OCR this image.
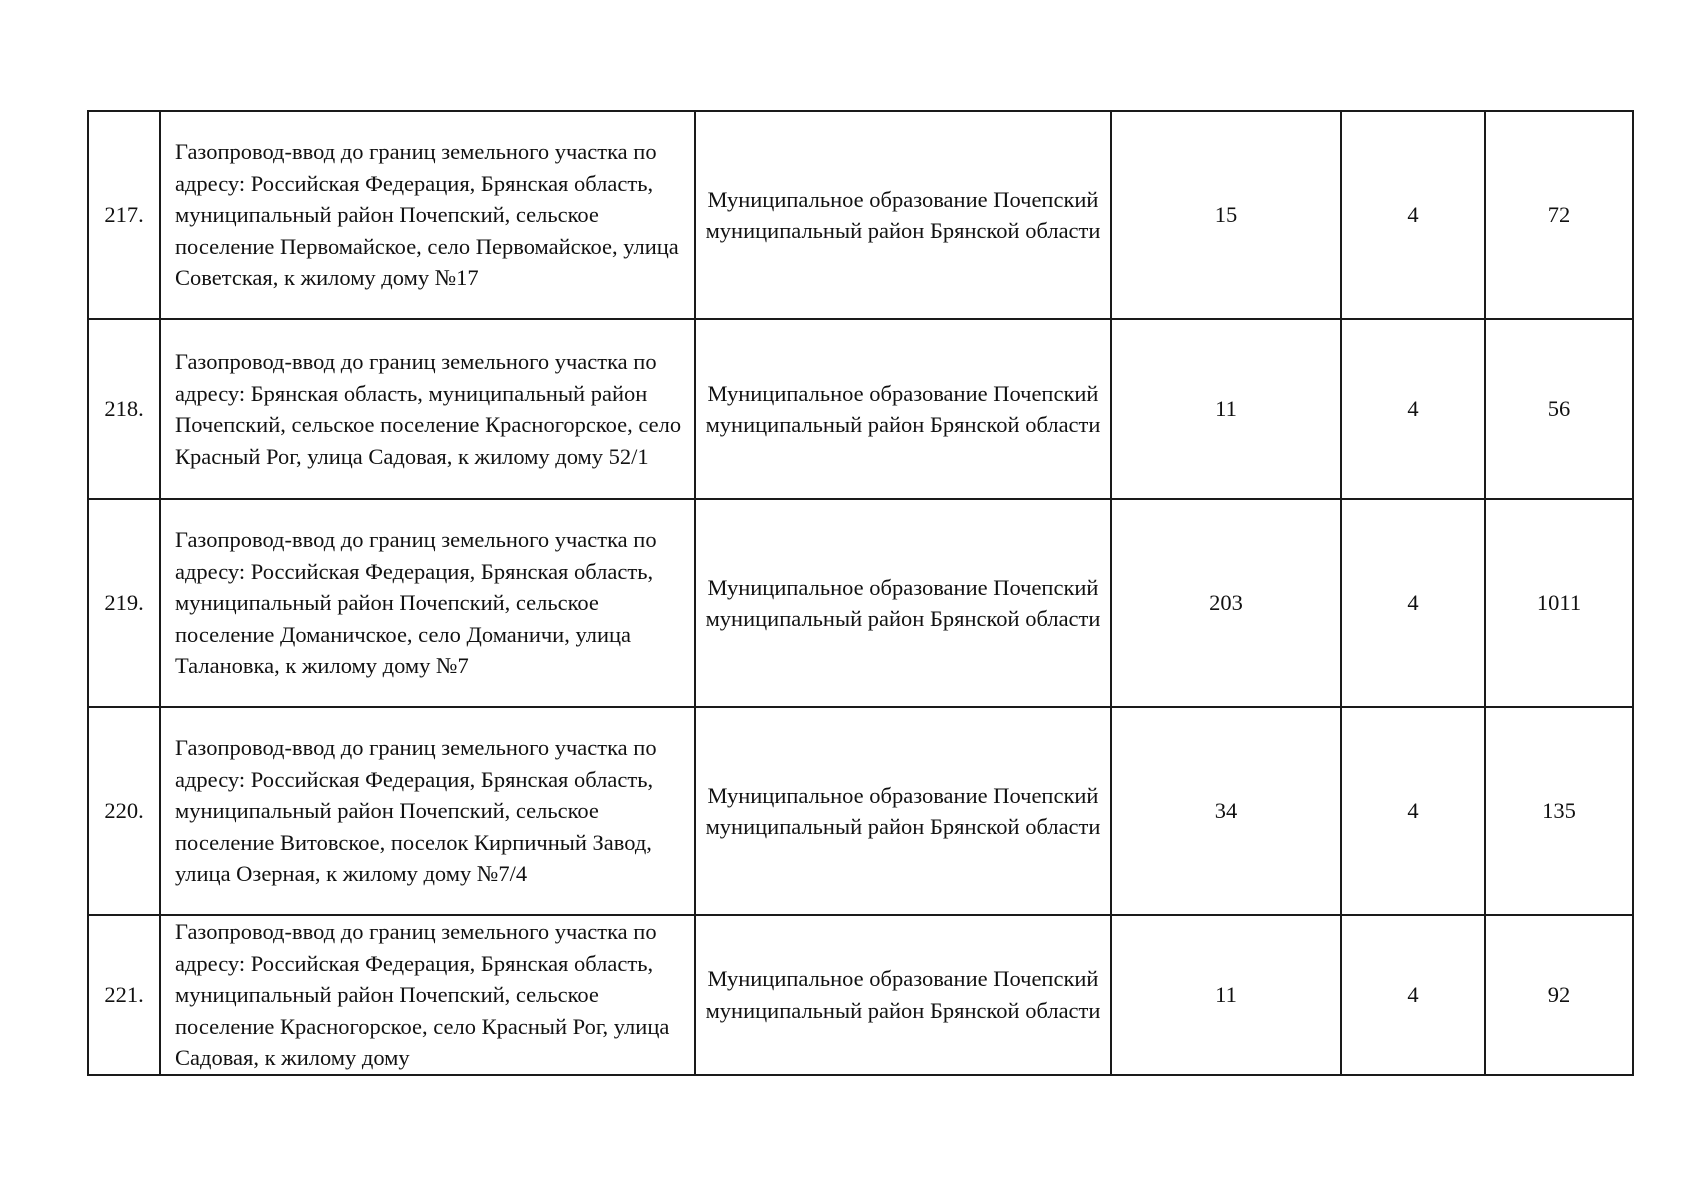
217.	Газопровод-ввод до границ земельного участка по адресу: Российская Федерация, Брянская область, муниципальный район Почепский, сельское поселение Первомайское, село Первомайское, улица Советская, к жилому дому №17	Муниципальное образование Почепский муниципальный район Брянской области	15	4	72
218.	Газопровод-ввод до границ земельного участка по адресу: Брянская область, муниципальный район Почепский, сельское поселение Красногорское, село Красный Рог, улица Садовая, к жилому дому 52/1	Муниципальное образование Почепский муниципальный район Брянской области	11	4	56
219.	Газопровод-ввод до границ земельного участка по адресу: Российская Федерация, Брянская область, муниципальный район Почепский, сельское поселение Доманичское, село Доманичи, улица Талановка, к жилому дому №7	Муниципальное образование Почепский муниципальный район Брянской области	203	4	1011
220.	Газопровод-ввод до границ земельного участка по адресу: Российская Федерация, Брянская область, муниципальный район Почепский, сельское поселение Витовское, поселок Кирпичный Завод, улица Озерная, к жилому дому №7/4	Муниципальное образование Почепский муниципальный район Брянской области	34	4	135
221.	Газопровод-ввод до границ земельного участка по адресу: Российская Федерация, Брянская область, муниципальный район Почепский, сельское поселение Красногорское, село Красный Рог, улица Садовая, к жилому дому	Муниципальное образование Почепский муниципальный район Брянской области	11	4	92
